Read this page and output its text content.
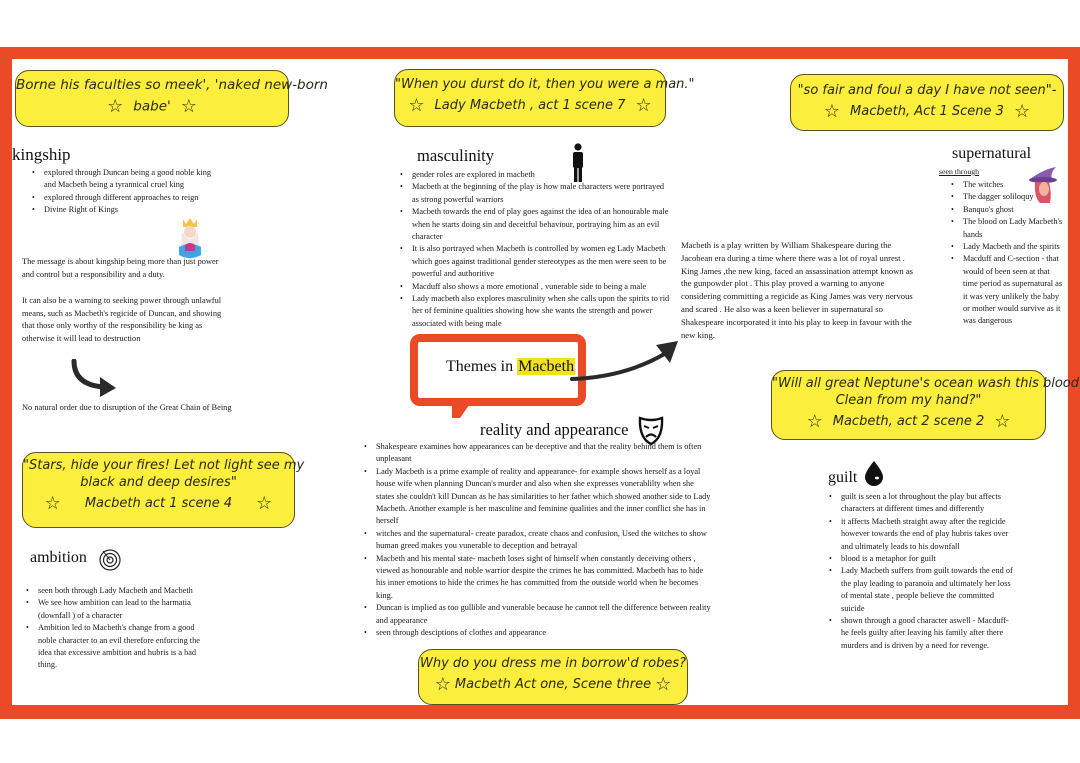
Borne his faculties so meek', 'naked new-born
☆ babe' ☆
"When you durst do it, then you were a man."
☆ Lady Macbeth , act 1 scene 7 ☆
"so fair and foul a day I have not seen"-
☆ Macbeth, Act 1 Scene 3 ☆
kingship
• explored through Duncan being a good noble king and Macbeth being a tyrannical cruel king
• explored through different approaches to reign
• Divine Right of Kings
The message is about kingship being more than just power and control but a responsibility and a duty.
It can also be a warning to seeking power through unlawful means, such as Macbeth's regicide of Duncan, and showing that those only worthy of the responsibility be king as otherwise it will lead to destruction
No natural order due to disruption of the Great Chain of Being
masculinity
• gender roles are explored in macbeth
• Macbeth at the beginning of the play is how male characters were portrayed as strong powerful warriors
• Macbeth towards the end of play goes against the idea of an honourable male when he starts doing sin and deceitful behaviour, portraying him as an evil character
• It is also portrayed when Macbeth is controlled by women eg Lady Macbeth which goes against traditional gender stereotypes as the men were seen to be powerful and authoritive
• Macduff also shows a more emotional , vunerable side to being a male
• Lady macbeth also explores masculinity when she calls upon the spirits to rid her of feminine qualities showing how she wants the strength and power associated with being male
Macbeth is a play written by William Shakespeare during the Jacobean era during a time where there was a lot of royal unrest . King James ,the new king, faced an assassination attempt known as the gunpowder plot . This play proved a warning to anyone considering committing a regicide as King James was very nervous and scared . He also was a keen believer in supernatural so Shakespeare incorporated it into his play to keep in favour with the new king.
supernatural
seen through
• The witches
• The dagger soliloquy
• Banquo's ghost
• The blood on Lady Macbeth's hands
• Lady Macbeth and the spirits
• Macduff and C-section - that would of been seen at that time period as supernatural as it was very unlikely the baby or mother would survive as it was dangerous
Themes in Macbeth
"Will all great Neptune's ocean wash this blood
Clean from my hand?"
☆ Macbeth, act 2 scene 2 ☆
reality and appearance
• Shakespeare examines how appearances can be deceptive and that the reality behind them is often unpleasant
• Lady Macbeth is a prime example of reality and appearance- for example shows herself as a loyal house wife when planning Duncan's murder and also when she expresses vunerablilty when she states she couldn't kill Duncan as he has similarities to her father which showed another side to Lady Macbeth. Another example is her masculine and feminine qualities and the inner conflict she has in herself
• witches and the supernatural- create paradox, create chaos and confusion, Used the witches to show human greed makes you vunerable to deception and betrayal
• Macbeth and his mental state- macbeth loses sight of himself when constantly deceiving others , viewed as honourable and noble warrior despite the crimes he has committed. Macbeth has to hide his inner emotions to hide the crimes he has committed from the outside world when he becomes king.
• Duncan is implied as too gullible and vunerable because he cannot tell the difference between reality and appearance
• seen through desciptions of clothes and appearance
"Stars, hide your fires! Let not light see my
black and deep desires"
☆ Macbeth act 1 scene 4 ☆
ambition
• seen both through Lady Macbeth and Macbeth
• We see how ambition can lead to the harmatia (downfall ) of a character
• Ambition led to Macbeth's change from a good noble character to an evil therefore enforcing the idea that excessive ambition and hubris is a bad thing.
guilt
• guilt is seen a lot throughout the play but affects characters at different times and differently
• it affects Macbeth straight away after the regicide however towards the end of play hubris takes over and ultimately leads to his downfall
• blood is a metaphor for guilt
• Lady Macbeth suffers from guilt towards the end of the play leading to paranoia and ultimately her loss of mental state , people believe the committed suicide
• shown through a good character aswell - Macduff- he feels guilty after leaving his family after there murders and is driven by a need for revenge.
Why do you dress me in borrow'd robes?
☆ Macbeth Act one, Scene three ☆
